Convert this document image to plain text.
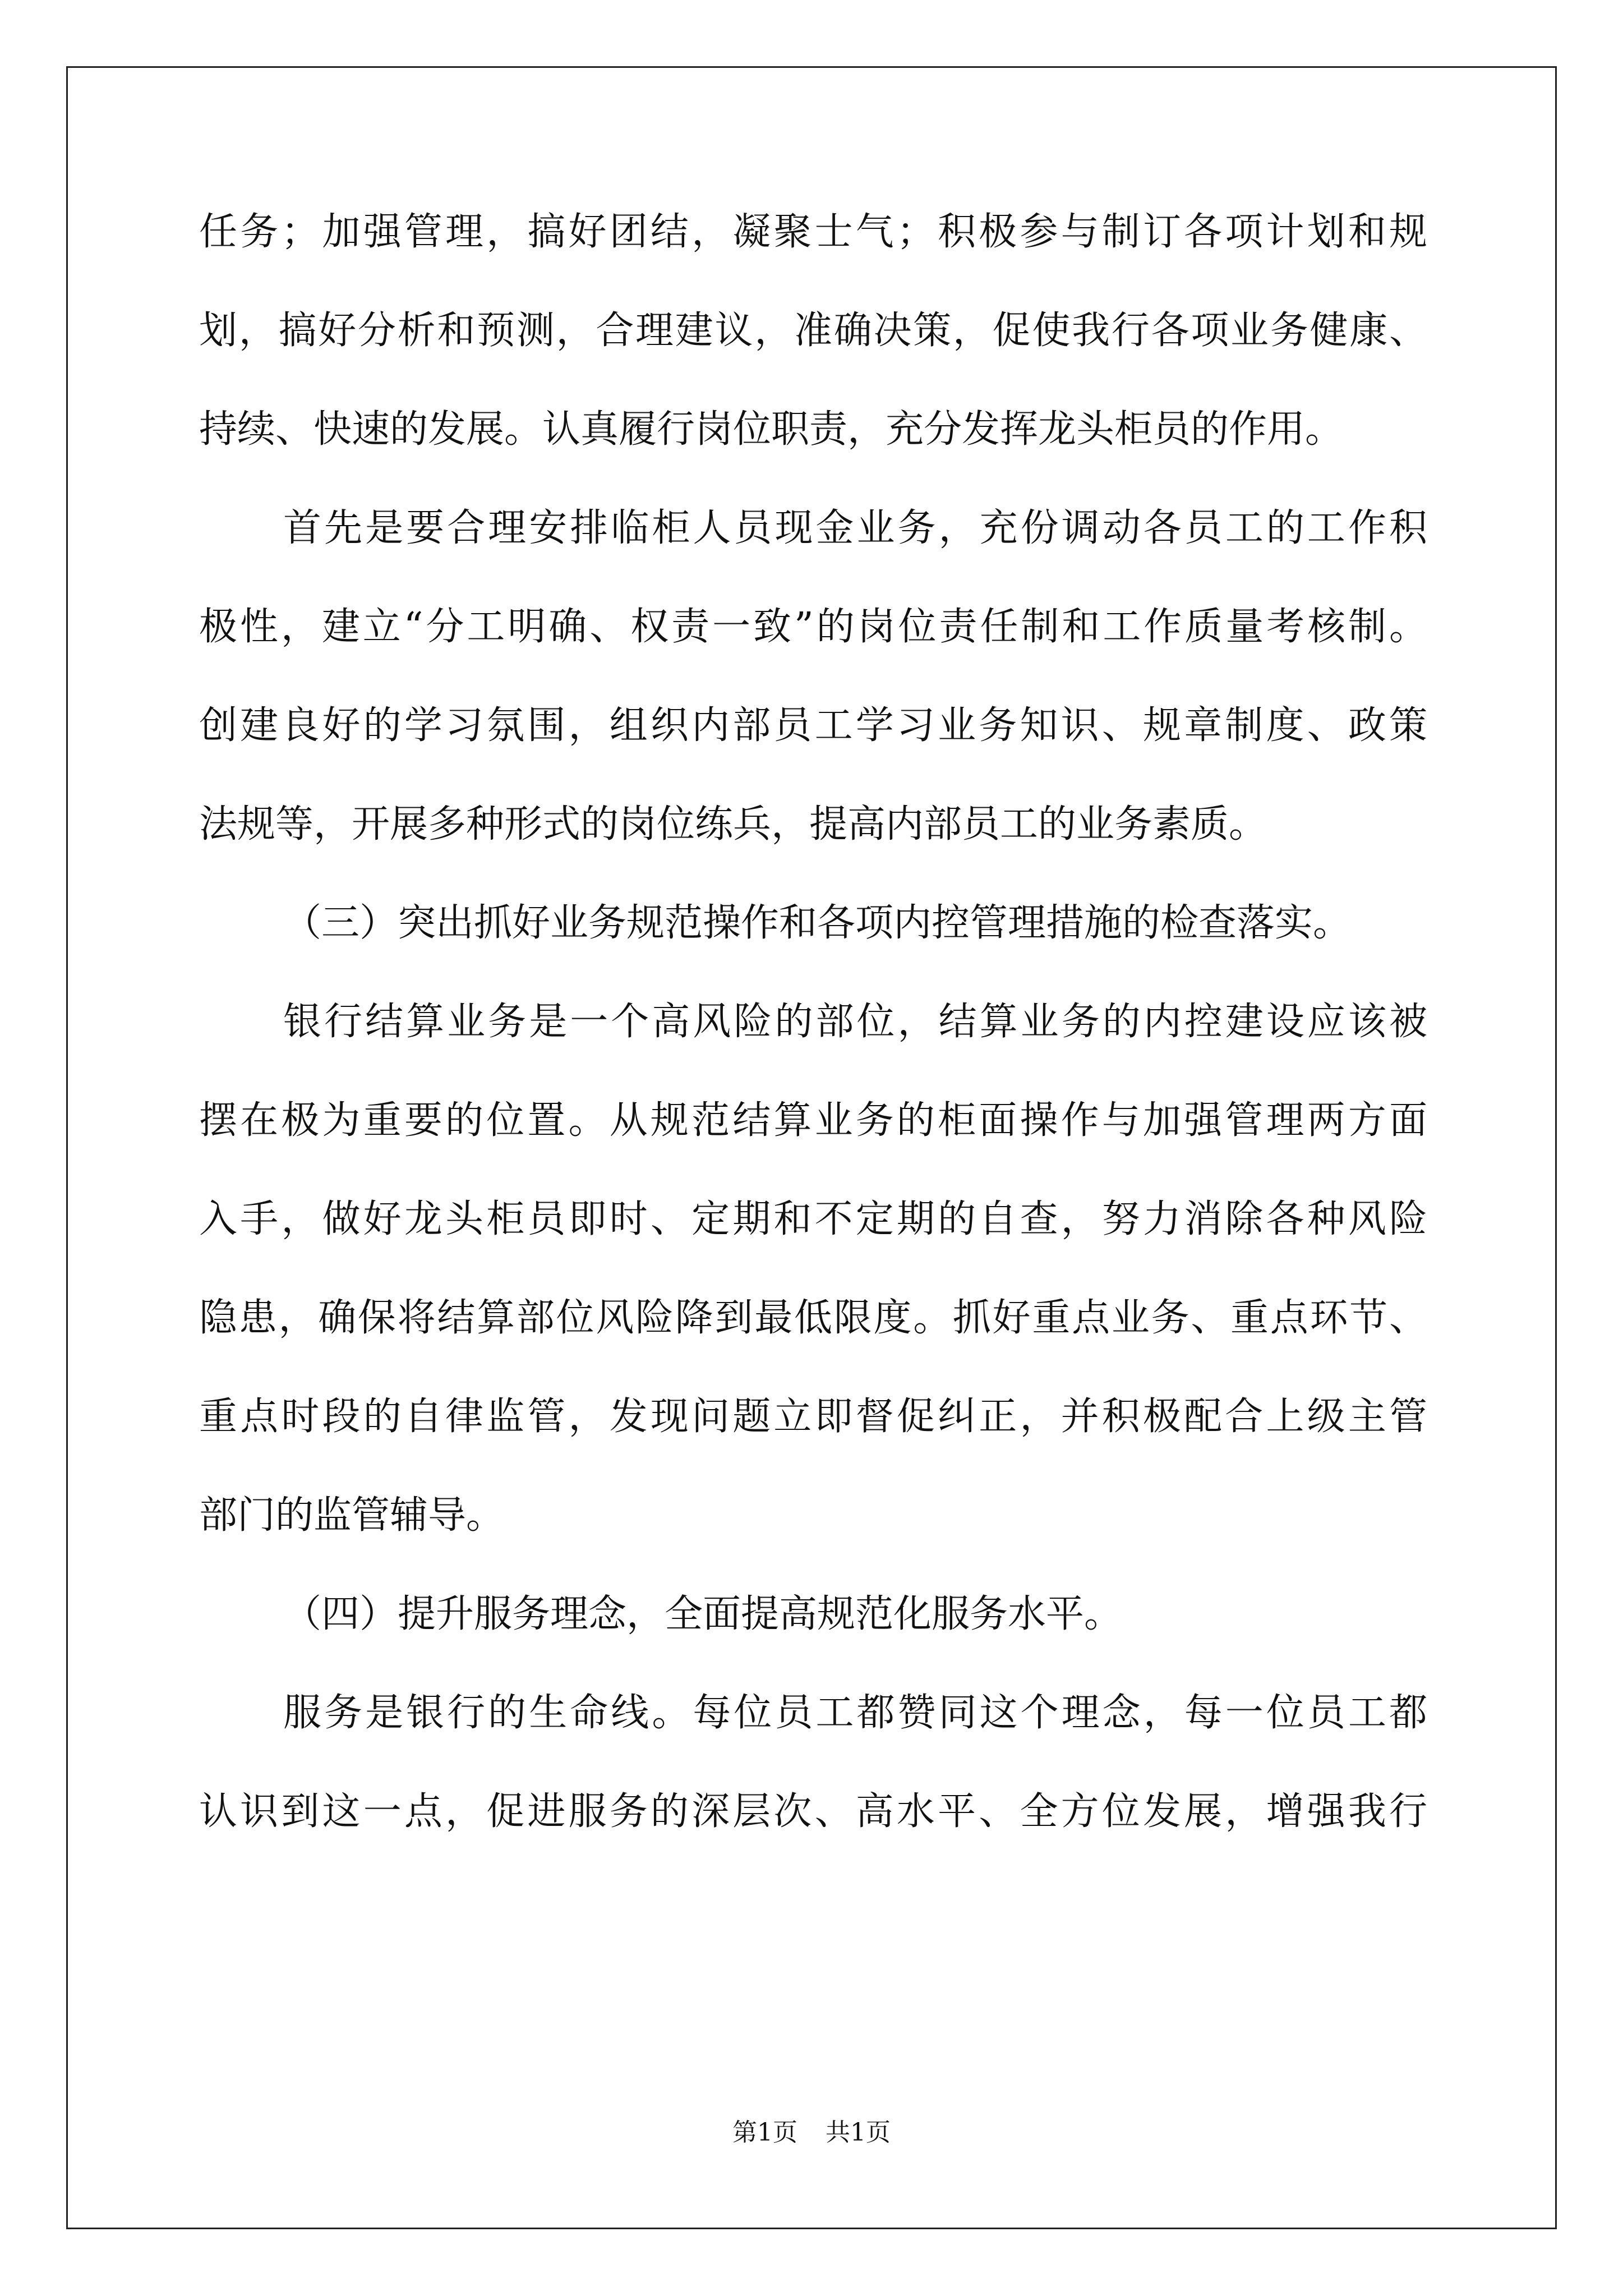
任务；加强管理，搞好团结，凝聚士气；积极参与制订各项计划和规
划，搞好分析和预测，合理建议，准确决策，促使我行各项业务健康、
持续、快速的发展。认真履行岗位职责，充分发挥龙头柜员的作用。
首先是要合理安排临柜人员现金业务，充份调动各员工的工作积
极性，建立“分工明确、权责一致”的岗位责任制和工作质量考核制。
创建良好的学习氛围，组织内部员工学习业务知识、规章制度、政策
法规等，开展多种形式的岗位练兵，提高内部员工的业务素质。
（三）突出抓好业务规范操作和各项内控管理措施的检查落实。
银行结算业务是一个高风险的部位，结算业务的内控建设应该被
摆在极为重要的位置。从规范结算业务的柜面操作与加强管理两方面
入手，做好龙头柜员即时、定期和不定期的自查，努力消除各种风险
隐患，确保将结算部位风险降到最低限度。抓好重点业务、重点环节、
重点时段的自律监管，发现问题立即督促纠正，并积极配合上级主管
部门的监管辅导。
（四）提升服务理念，全面提高规范化服务水平。
服务是银行的生命线。每位员工都赞同这个理念，每一位员工都
认识到这一点，促进服务的深层次、高水平、全方位发展，增强我行
第1页 共1页
